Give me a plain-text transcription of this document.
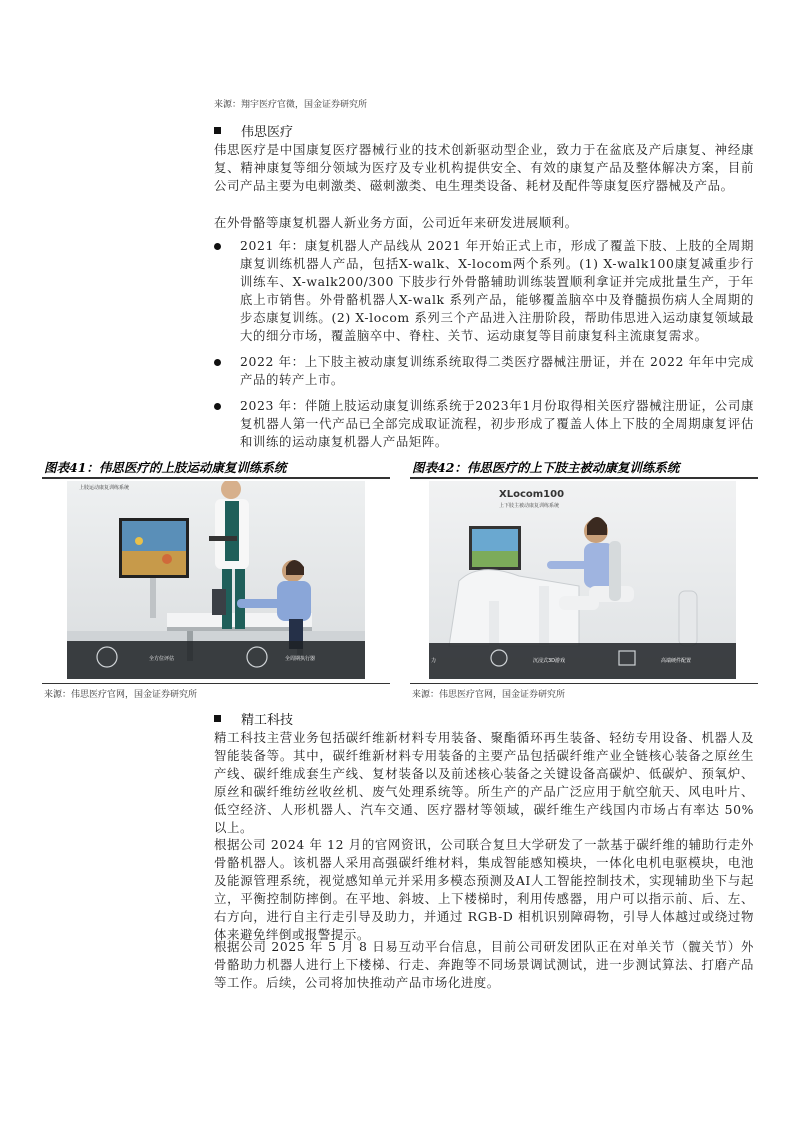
来源：翔宇医疗官微，国金证券研究所
伟思医疗

伟思医疗是中国康复医疗器械行业的技术创新驱动型企业，致力于在盆底及产后康复、神经康复、精神康复等细分领域为医疗及专业机构提供安全、有效的康复产品及整体解决方案，目前公司产品主要为电刺激类、磁刺激类、电生理类设备、耗材及配件等康复医疗器械及产品。

在外骨骼等康复机器人新业务方面，公司近年来研发进展顺利。

2021 年：康复机器人产品线从 2021 年开始正式上市，形成了覆盖下肢、上肢的全周期康复训练机器人产品，包括X-walk、X-locom两个系列。(1) X-walk100康复减重步行训练车、X-walk200/300 下肢步行外骨骼辅助训练装置顺利拿证并完成批量生产，于年底上市销售。外骨骼机器人X-walk 系列产品，能够覆盖脑卒中及脊髓损伤病人全周期的步态康复训练。(2) X-locom 系列三个产品进入注册阶段，帮助伟思进入运动康复领域最大的细分市场，覆盖脑卒中、脊柱、关节、运动康复等目前康复科主流康复需求。
2022 年：上下肢主被动康复训练系统取得二类医疗器械注册证，并在 2022 年年中完成产品的转产上市。
2023 年：伴随上肢运动康复训练系统于2023年1月份取得相关医疗器械注册证，公司康复机器人第一代产品已全部完成取证流程，初步形成了覆盖人体上下肢的全周期康复评估和训练的运动康复机器人产品矩阵。
图表41：伟思医疗的上肢运动康复训练系统
上肢运动康复训练系统
全方位评估	全周期执行器
来源：伟思医疗官网，国金证券研究所
图表42：伟思医疗的上下肢主被动康复训练系统
XLocom100
上下肢主被动康复训练系统
力	沉浸式3D游戏	高端硬件配置
来源：伟思医疗官网，国金证券研究所
精工科技

精工科技主营业务包括碳纤维新材料专用装备、聚酯循环再生装备、轻纺专用设备、机器人及智能装备等。其中，碳纤维新材料专用装备的主要产品包括碳纤维产业全链核心装备之原丝生产线、碳纤维成套生产线、复材装备以及前述核心装备之关键设备高碳炉、低碳炉、预氧炉、原丝和碳纤维纺丝收丝机、废气处理系统等。所生产的产品广泛应用于航空航天、风电叶片、低空经济、人形机器人、汽车交通、医疗器材等领域，碳纤维生产线国内市场占有率达 50%以上。

根据公司 2024 年 12 月的官网资讯，公司联合复旦大学研发了一款基于碳纤维的辅助行走外骨骼机器人。该机器人采用高强碳纤维材料，集成智能感知模块，一体化电机电驱模块，电池及能源管理系统，视觉感知单元并采用多模态预测及AI人工智能控制技术，实现辅助坐下与起立，平衡控制防摔倒。在平地、斜坡、上下楼梯时，利用传感器，用户可以指示前、后、左、右方向，进行自主行走引导及助力，并通过 RGB-D 相机识别障碍物，引导人体越过或绕过物体来避免绊倒或报警提示。

根据公司 2025 年 5 月 8 日易互动平台信息，目前公司研发团队正在对单关节（髋关节）外骨骼助力机器人进行上下楼梯、行走、奔跑等不同场景调试测试，进一步测试算法、打磨产品等工作。后续，公司将加快推动产品市场化进度。
